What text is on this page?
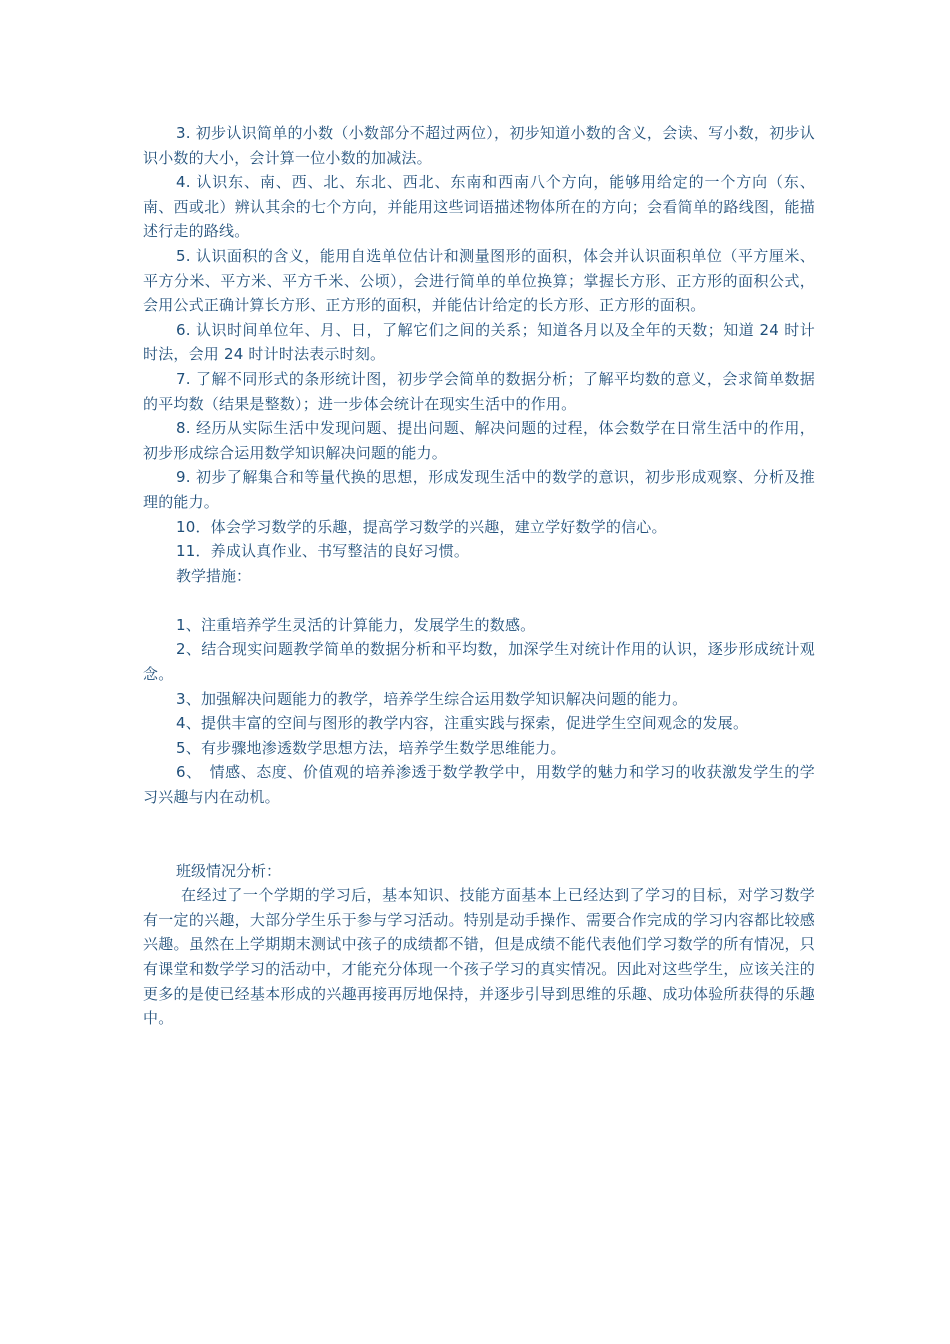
3. 初步认识简单的小数（小数部分不超过两位），初步知道小数的含义，会读、写小数，初步认识小数的大小，会计算一位小数的加减法。

4. 认识东、南、西、北、东北、西北、东南和西南八个方向，能够用给定的一个方向（东、南、西或北）辨认其余的七个方向，并能用这些词语描述物体所在的方向；会看简单的路线图，能描述行走的路线。

5. 认识面积的含义，能用自选单位估计和测量图形的面积，体会并认识面积单位（平方厘米、平方分米、平方米、平方千米、公顷），会进行简单的单位换算；掌握长方形、正方形的面积公式，会用公式正确计算长方形、正方形的面积，并能估计给定的长方形、正方形的面积。

6. 认识时间单位年、月、日，了解它们之间的关系；知道各月以及全年的天数；知道 24 时计时法，会用 24 时计时法表示时刻。

7. 了解不同形式的条形统计图，初步学会简单的数据分析；了解平均数的意义，会求简单数据的平均数（结果是整数）；进一步体会统计在现实生活中的作用。

8. 经历从实际生活中发现问题、提出问题、解决问题的过程，体会数学在日常生活中的作用，初步形成综合运用数学知识解决问题的能力。

9. 初步了解集合和等量代换的思想，形成发现生活中的数学的意识，初步形成观察、分析及推理的能力。

10．体会学习数学的乐趣，提高学习数学的兴趣，建立学好数学的信心。

11．养成认真作业、书写整洁的良好习惯。

教学措施：

1、注重培养学生灵活的计算能力，发展学生的数感。

2、结合现实问题教学简单的数据分析和平均数，加深学生对统计作用的认识，逐步形成统计观念。

3、加强解决问题能力的教学，培养学生综合运用数学知识解决问题的能力。

4、提供丰富的空间与图形的教学内容，注重实践与探索，促进学生空间观念的发展。

5、有步骤地渗透数学思想方法，培养学生数学思维能力。

6、　情感、态度、价值观的培养渗透于数学教学中，用数学的魅力和学习的收获激发学生的学习兴趣与内在动机。

班级情况分析：

在经过了一个学期的学习后，基本知识、技能方面基本上已经达到了学习的目标，对学习数学有一定的兴趣，大部分学生乐于参与学习活动。特别是动手操作、需要合作完成的学习内容都比较感兴趣。虽然在上学期期末测试中孩子的成绩都不错，但是成绩不能代表他们学习数学的所有情况，只有课堂和数学学习的活动中，才能充分体现一个孩子学习的真实情况。因此对这些学生，应该关注的更多的是使已经基本形成的兴趣再接再厉地保持，并逐步引导到思维的乐趣、成功体验所获得的乐趣中。
